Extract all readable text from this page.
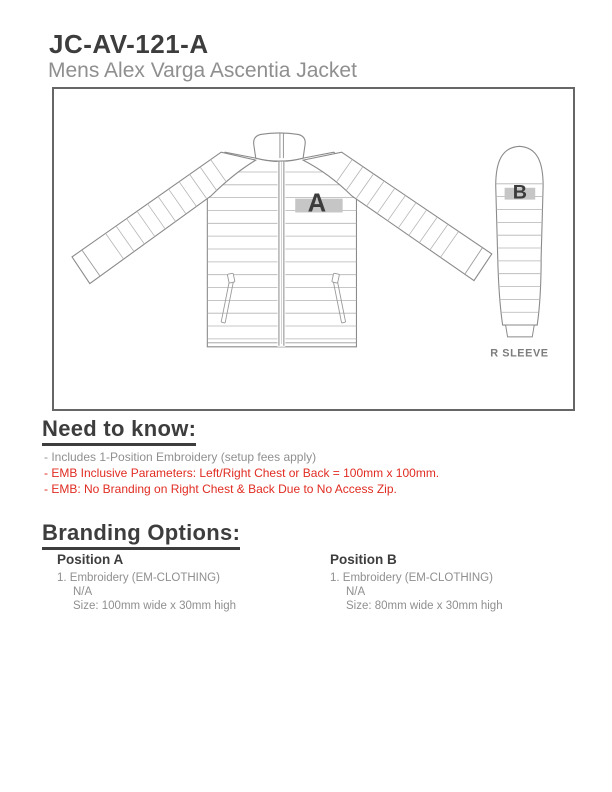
JC-AV-121-A
Mens Alex Varga Ascentia Jacket
A	B
R SLEEVE
Need to know:
- Includes 1-Position Embroidery (setup fees apply)
- EMB Inclusive Parameters: Left/Right Chest or Back = 100mm x 100mm.
- EMB: No Branding on Right Chest & Back Due to No Access Zip.
Branding Options:
Position A
1. Embroidery (EM-CLOTHING)
N/A
Size: 100mm wide x 30mm high
Position B
1. Embroidery (EM-CLOTHING)
N/A
Size: 80mm wide x 30mm high
